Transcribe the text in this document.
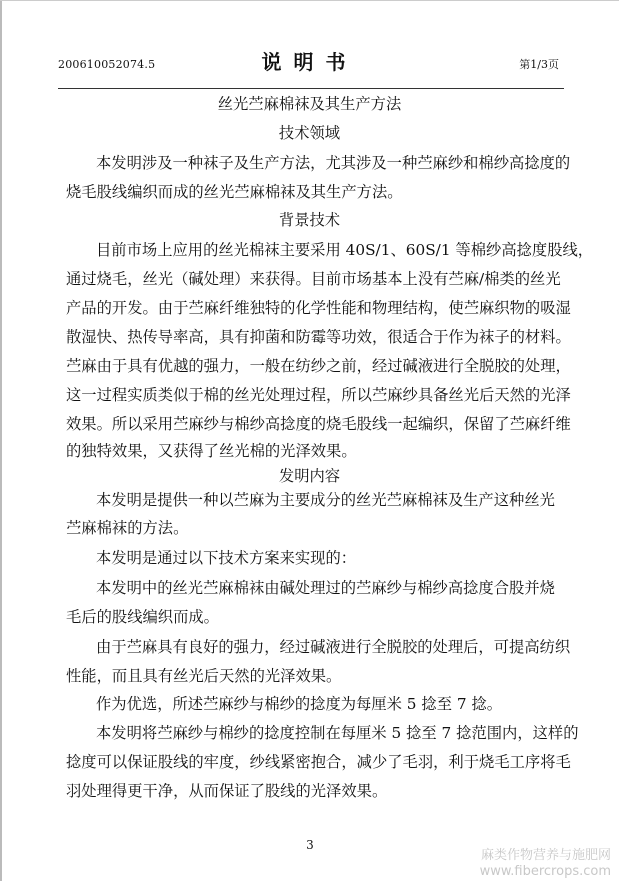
200610052074.5	说明书	第1/3页
丝光苎麻棉袜及其生产方法
技术领域
本发明涉及一种袜子及生产方法，尤其涉及一种苎麻纱和棉纱高捻度的
烧毛股线编织而成的丝光苎麻棉袜及其生产方法。
背景技术
目前市场上应用的丝光棉袜主要采用 40S/1、60S/1 等棉纱高捻度股线，
通过烧毛，丝光（碱处理）来获得。目前市场基本上没有苎麻/棉类的丝光
产品的开发。由于苎麻纤维独特的化学性能和物理结构，使苎麻织物的吸湿
散湿快、热传导率高，具有抑菌和防霉等功效，很适合于作为袜子的材料。
苎麻由于具有优越的强力，一般在纺纱之前，经过碱液进行全脱胶的处理，
这一过程实质类似于棉的丝光处理过程，所以苎麻纱具备丝光后天然的光泽
效果。所以采用苎麻纱与棉纱高捻度的烧毛股线一起编织，保留了苎麻纤维
的独特效果，又获得了丝光棉的光泽效果。
发明内容
本发明是提供一种以苎麻为主要成分的丝光苎麻棉袜及生产这种丝光
苎麻棉袜的方法。
本发明是通过以下技术方案来实现的：
本发明中的丝光苎麻棉袜由碱处理过的苎麻纱与棉纱高捻度合股并烧
毛后的股线编织而成。
由于苎麻具有良好的强力，经过碱液进行全脱胶的处理后，可提高纺织
性能，而且具有丝光后天然的光泽效果。
作为优选，所述苎麻纱与棉纱的捻度为每厘米 5 捻至 7 捻。
本发明将苎麻纱与棉纱的捻度控制在每厘米 5 捻至 7 捻范围内，这样的
捻度可以保证股线的牢度，纱线紧密抱合，减少了毛羽，利于烧毛工序将毛
羽处理得更干净，从而保证了股线的光泽效果。
3
麻类作物营养与施肥网
www.fibercrops.com
